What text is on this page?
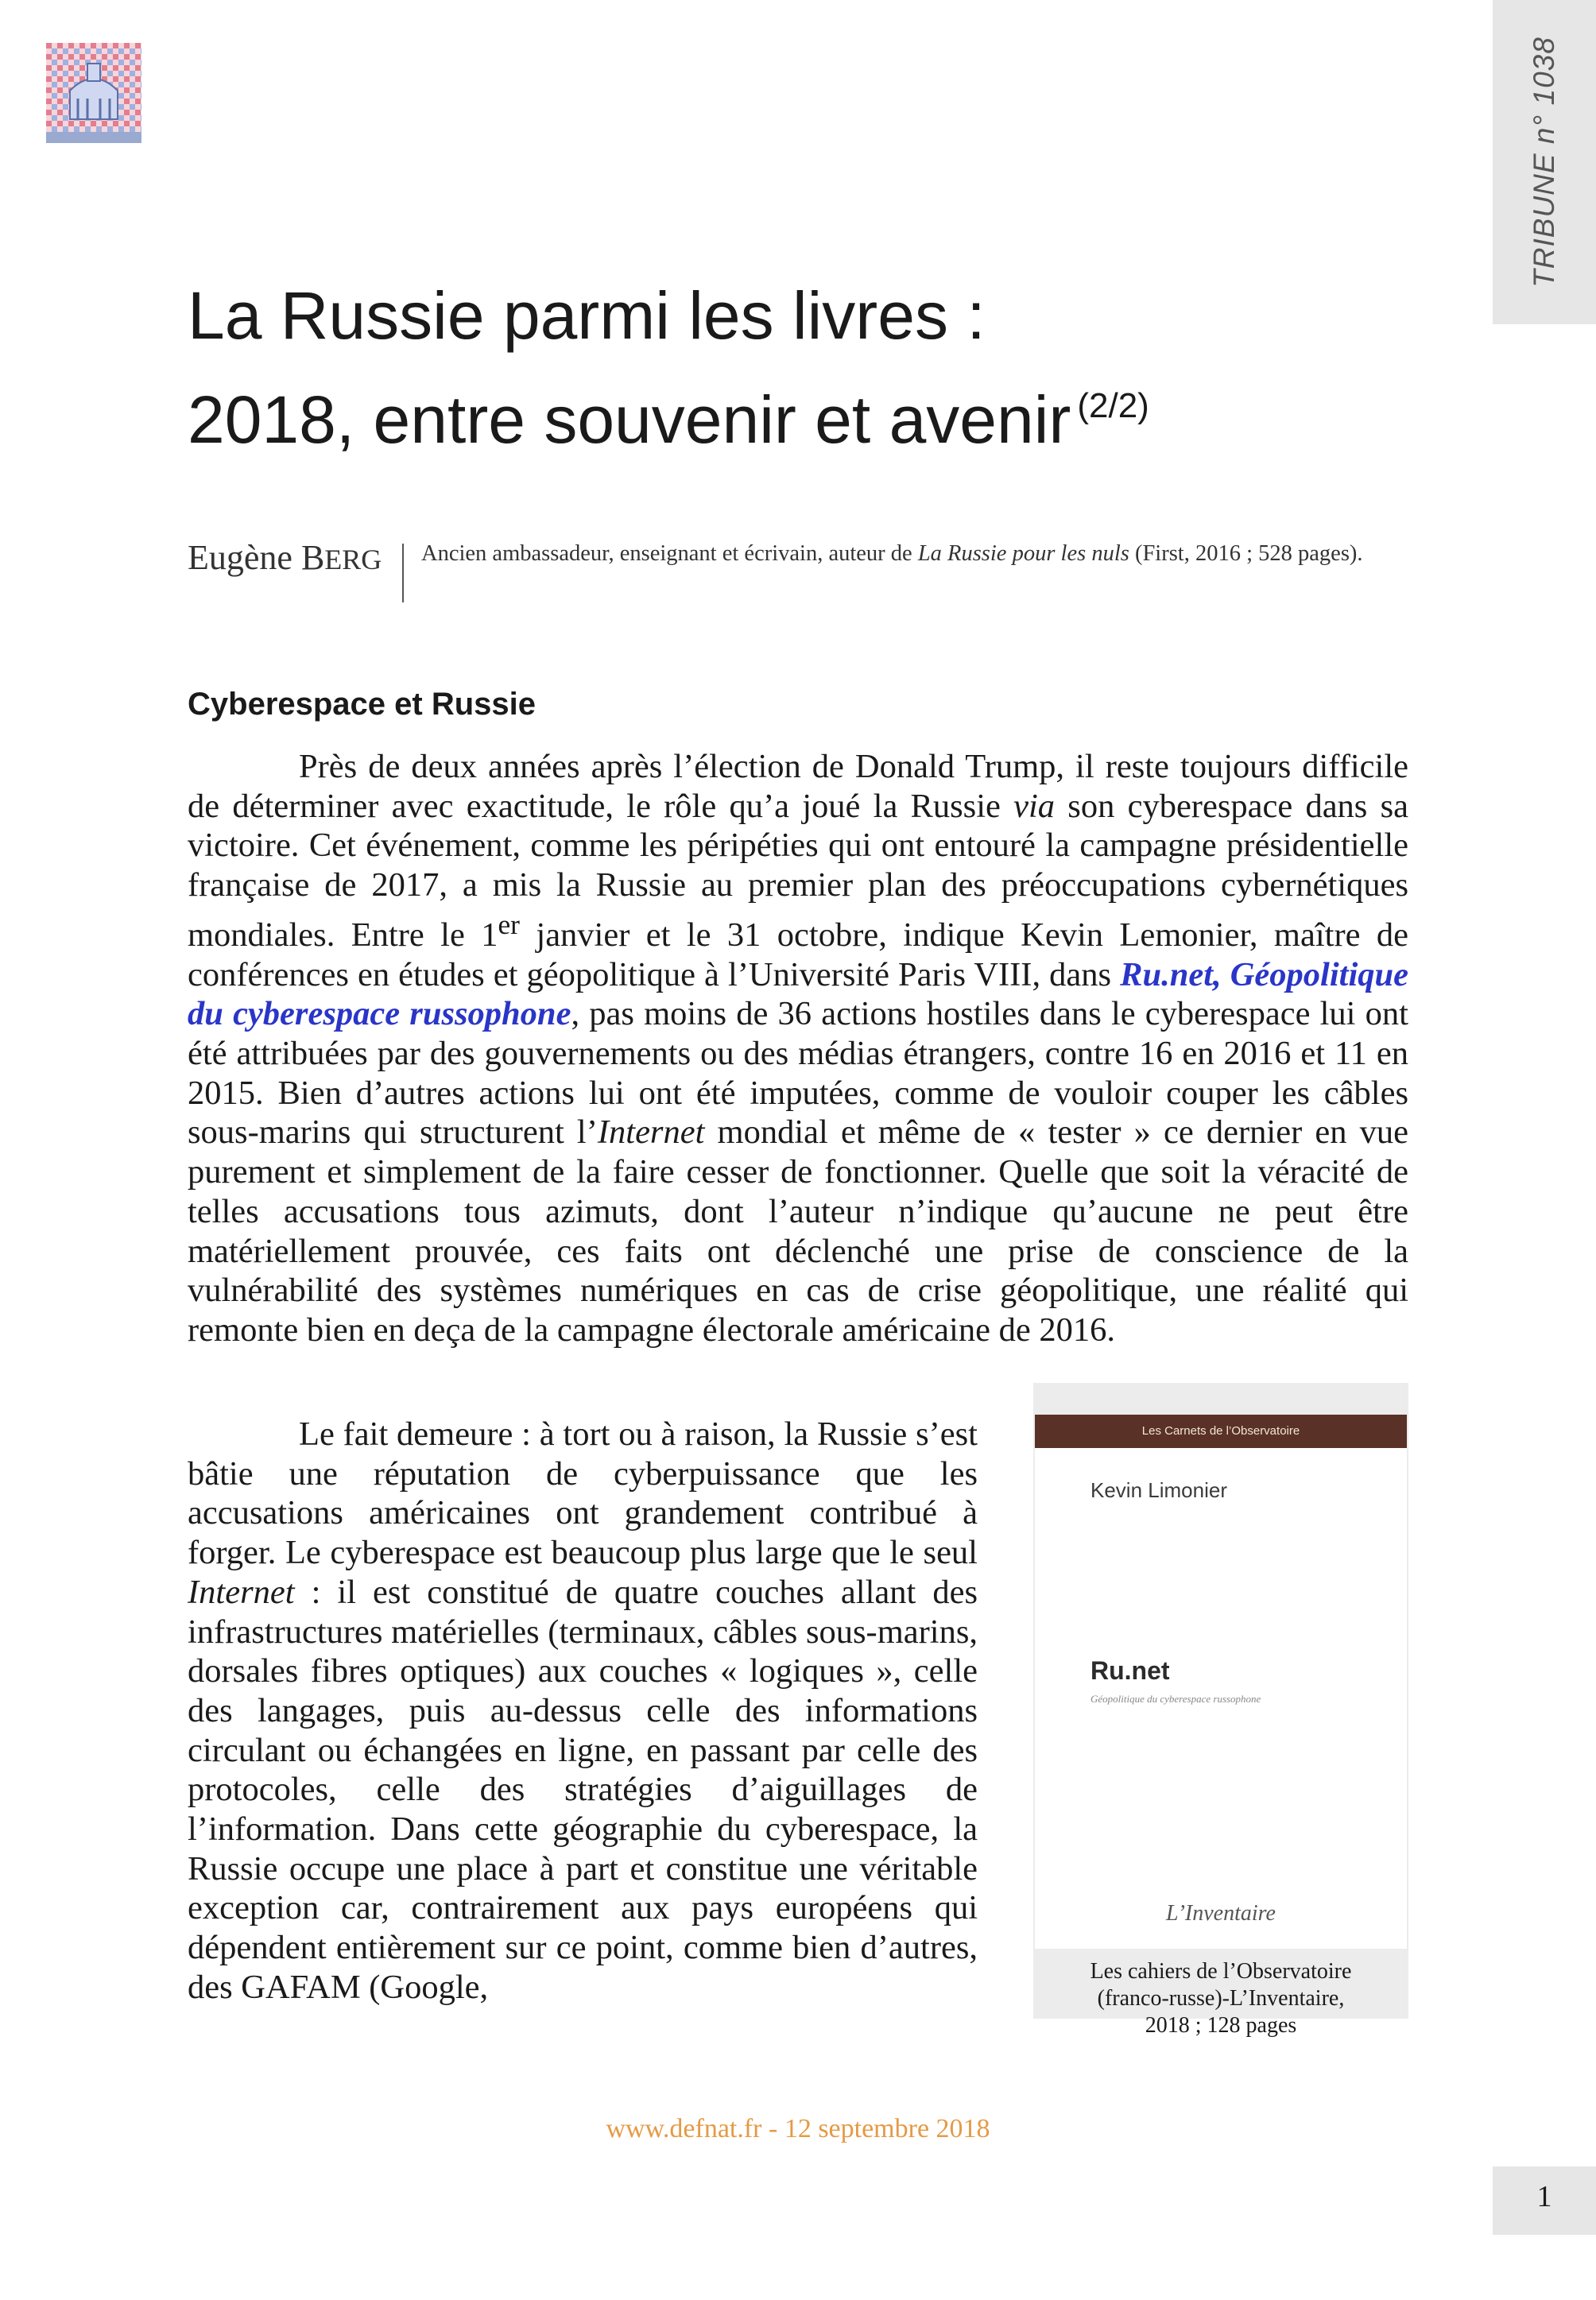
TRIBUNE n° 1038
La Russie parmi les livres :
2018, entre souvenir et avenir $^{(2/2)}$
Eugène BERG Ancien ambassadeur, enseignant et écrivain, auteur de La Russie pour les nuls (First, 2016 ; 528 pages).
Cyberespace et Russie

Près de deux années après l’élection de Donald Trump, il reste toujours difficile de déterminer avec exactitude, le rôle qu’a joué la Russie via son cyberespace dans sa victoire. Cet événement, comme les péripéties qui ont entouré la campagne présidentielle française de 2017, a mis la Russie au premier plan des préoccupations cybernétiques mondiales. Entre le 1er janvier et le 31 octobre, indique Kevin Lemonier, maître de conférences en études et géopolitique à l’Université Paris VIII, dans Ru.net, Géopolitique du cyberespace russophone, pas moins de 36 actions hostiles dans le cyberespace lui ont été attribuées par des gouvernements ou des médias étrangers, contre 16 en 2016 et 11 en 2015. Bien d’autres actions lui ont été imputées, comme de vouloir couper les câbles sous-marins qui structurent l’Internet mondial et même de « tester » ce dernier en vue purement et simplement de la faire cesser de fonctionner. Quelle que soit la véracité de telles accusations tous azimuts, dont l’auteur n’indique qu’aucune ne peut être matériellement prouvée, ces faits ont déclenché une prise de conscience de la vulnérabilité des systèmes numériques en cas de crise géopolitique, une réalité qui remonte bien en deça de la campagne électorale américaine de 2016.

Le fait demeure : à tort ou à raison, la Russie s’est bâtie une réputation de cyberpuissance que les accusations américaines ont grandement contribué à forger. Le cyberespace est beaucoup plus large que le seul Internet : il est constitué de quatre couches allant des infrastructures matérielles (terminaux, câbles sous-marins, dorsales fibres optiques) aux couches « logiques », celle des langages, puis au-dessus celle des informations circulant ou échangées en ligne, en passant par celle des protocoles, celle des stratégies d’aiguillages de l’information. Dans cette géographie du cyberespace, la Russie occupe une place à part et constitue une véritable exception car, contrairement aux pays européens qui dépendent entièrement sur ce point, comme bien d’autres, des GAFAM (Google,

Les Carnets de l’Observatoire
Kevin Limonier
Ru.net
Géopolitique du cyberespace russophone
L’Inventaire
Les cahiers de l’Observatoire
(franco-russe)-L’Inventaire,
2018 ; 128 pages
www.defnat.fr - 12 septembre 2018
1
